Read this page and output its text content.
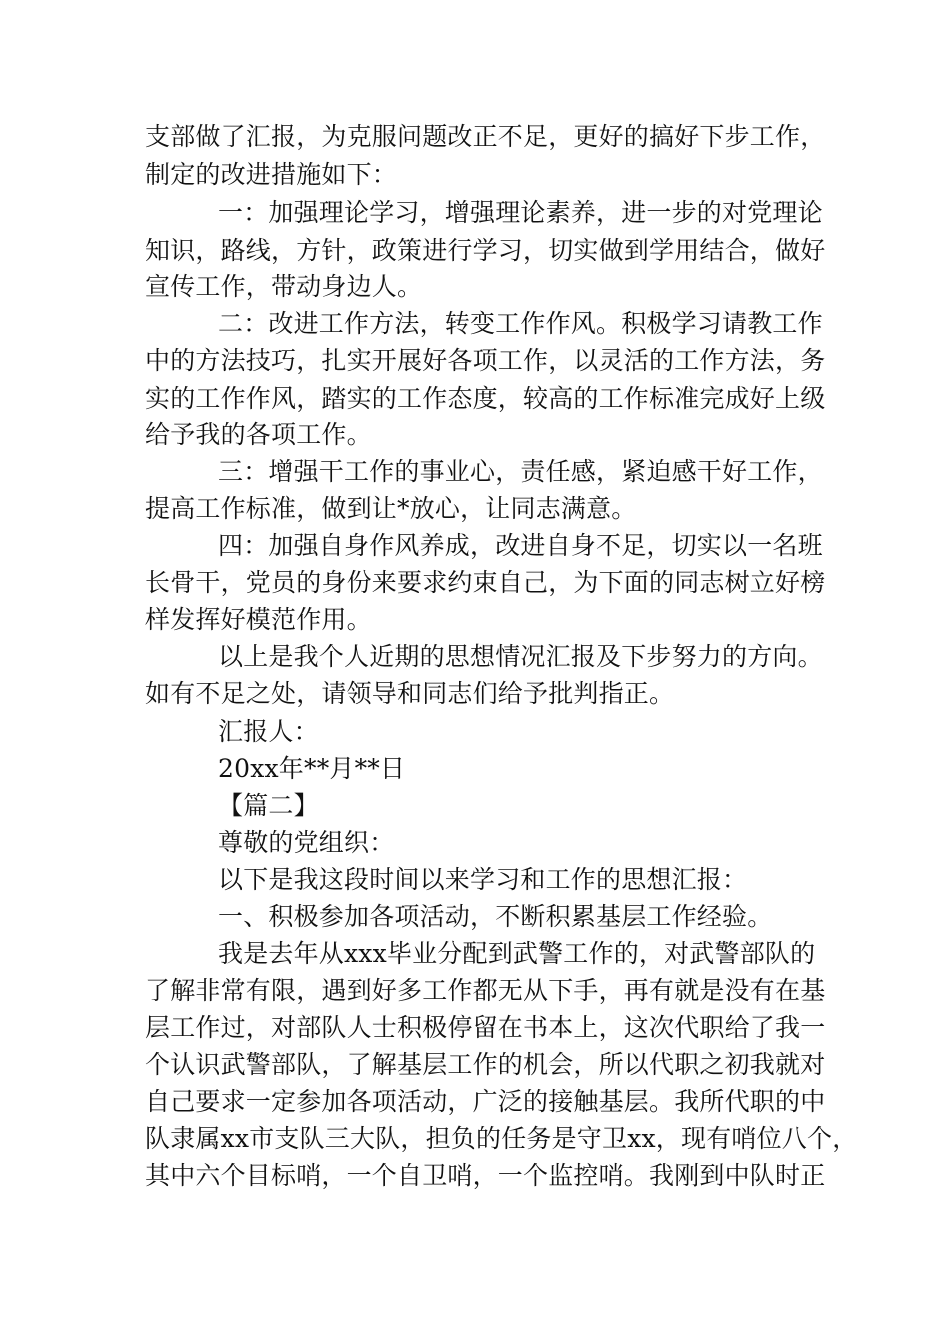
支部做了汇报，为克服问题改正不足，更好的搞好下步工作，
制定的改进措施如下：
一：加强理论学习，增强理论素养，进一步的对党理论
知识，路线，方针，政策进行学习，切实做到学用结合，做好
宣传工作，带动身边人。
二：改进工作方法，转变工作作风。积极学习请教工作
中的方法技巧，扎实开展好各项工作，以灵活的工作方法，务
实的工作作风，踏实的工作态度，较高的工作标准完成好上级
给予我的各项工作。
三：增强干工作的事业心，责任感，紧迫感干好工作，
提高工作标准，做到让*放心，让同志满意。
四：加强自身作风养成，改进自身不足，切实以一名班
长骨干，党员的身份来要求约束自己，为下面的同志树立好榜
样发挥好模范作用。
以上是我个人近期的思想情况汇报及下步努力的方向。
如有不足之处，请领导和同志们给予批判指正。
汇报人：
20xx年**月**日
【篇二】
尊敬的党组织：
以下是我这段时间以来学习和工作的思想汇报：
一、积极参加各项活动，不断积累基层工作经验。
我是去年从xxx毕业分配到武警工作的，对武警部队的
了解非常有限，遇到好多工作都无从下手，再有就是没有在基
层工作过，对部队人士积极停留在书本上，这次代职给了我一
个认识武警部队，了解基层工作的机会，所以代职之初我就对
自己要求一定参加各项活动，广泛的接触基层。我所代职的中
队隶属xx市支队三大队，担负的任务是守卫xx，现有哨位八个，
其中六个目标哨，一个自卫哨，一个监控哨。我刚到中队时正
